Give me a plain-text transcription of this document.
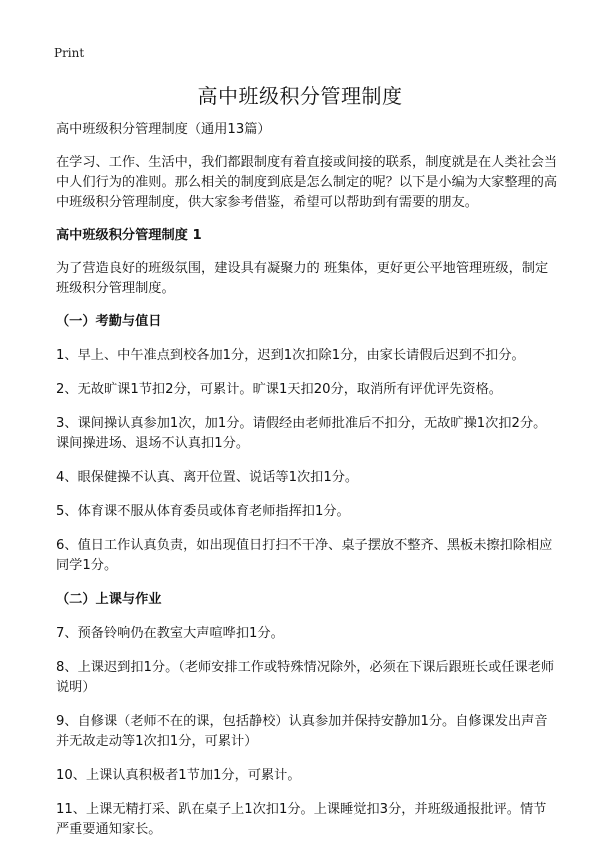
Print
高中班级积分管理制度

高中班级积分管理制度（通用13篇）

在学习、工作、生活中，我们都跟制度有着直接或间接的联系，制度就是在人类社会当中人们行为的准则。那么相关的制度到底是怎么制定的呢？以下是小编为大家整理的高中班级积分管理制度，供大家参考借鉴，希望可以帮助到有需要的朋友。

高中班级积分管理制度 1

为了营造良好的班级氛围，建设具有凝聚力的 班集体，更好更公平地管理班级，制定班级积分管理制度。

（一）考勤与值日

1、早上、中午准点到校各加1分，迟到1次扣除1分，由家长请假后迟到不扣分。

2、无故旷课1节扣2分，可累计。旷课1天扣20分，取消所有评优评先资格。

3、课间操认真参加1次，加1分。请假经由老师批准后不扣分，无故旷操1次扣2分。课间操进场、退场不认真扣1分。

4、眼保健操不认真、离开位置、说话等1次扣1分。

5、体育课不服从体育委员或体育老师指挥扣1分。

6、值日工作认真负责，如出现值日打扫不干净、桌子摆放不整齐、黑板未擦扣除相应同学1分。

（二）上课与作业

7、预备铃响仍在教室大声喧哗扣1分。

8、上课迟到扣1分。（老师安排工作或特殊情况除外，必须在下课后跟班长或任课老师说明）

9、自修课（老师不在的课，包括静校）认真参加并保持安静加1分。自修课发出声音并无故走动等1次扣1分，可累计）

10、上课认真积极者1节加1分，可累计。

11、上课无精打采、趴在桌子上1次扣1分。上课睡觉扣3分，并班级通报批评。情节严重要通知家长。
